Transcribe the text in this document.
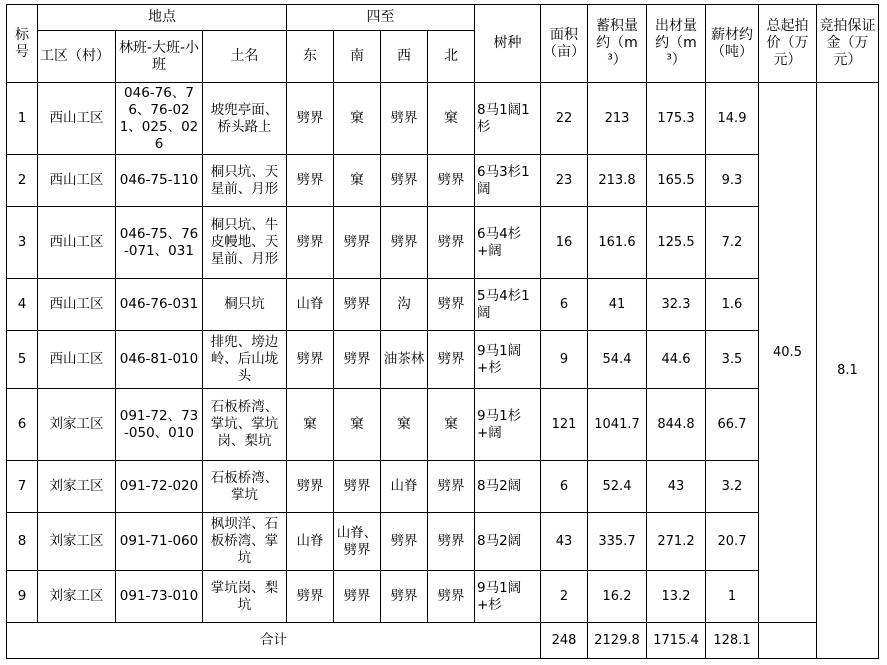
标号	地点			四至				树种	面积（亩）	蓄积量约（m³）	出材量约（m³）	薪材约（吨）	总起拍价（万元）	竞拍保证金（万元）
	工区（村）	林班-大班-小班	土名	东	南	西	北							
1	西山工区	046-76、76、76-021、025、026	坡兜亭面、桥头路上	劈界	窠	劈界	窠	8马1阔1杉	22	213	175.3	14.9	40.5	8.1
2	西山工区	046-75-110	桐只坑、天星前、月形	劈界	窠	劈界	劈界	6马3杉1阔	23	213.8	165.5	9.3		
3	西山工区	046-75、76-071、031	桐只坑、牛皮幔地、天星前、月形	劈界	劈界	劈界	劈界	6马4杉+阔	16	161.6	125.5	7.2		
4	西山工区	046-76-031	桐只坑	山脊	劈界	沟	劈界	5马4杉1阔	6	41	32.3	1.6		
5	西山工区	046-81-010	排兜、塝边岭、后山垅头	劈界	劈界	油茶林	劈界	9马1阔+杉	9	54.4	44.6	3.5		
6	刘家工区	091-72、73-050、010	石板桥湾、掌坑、掌坑岗、梨坑	窠	窠	窠	窠	9马1杉+阔	121	1041.7	844.8	66.7		
7	刘家工区	091-72-020	石板桥湾、掌坑	劈界	劈界	山脊	劈界	8马2阔	6	52.4	43	3.2		
8	刘家工区	091-71-060	枫坝洋、石板桥湾、掌坑	山脊	山脊、劈界	劈界	劈界	8马2阔	43	335.7	271.2	20.7		
9	刘家工区	091-73-010	掌坑岗、梨坑	劈界	劈界	劈界	劈界	9马1阔+杉	2	16.2	13.2	1		
合计									248	2129.8	1715.4	128.1		
